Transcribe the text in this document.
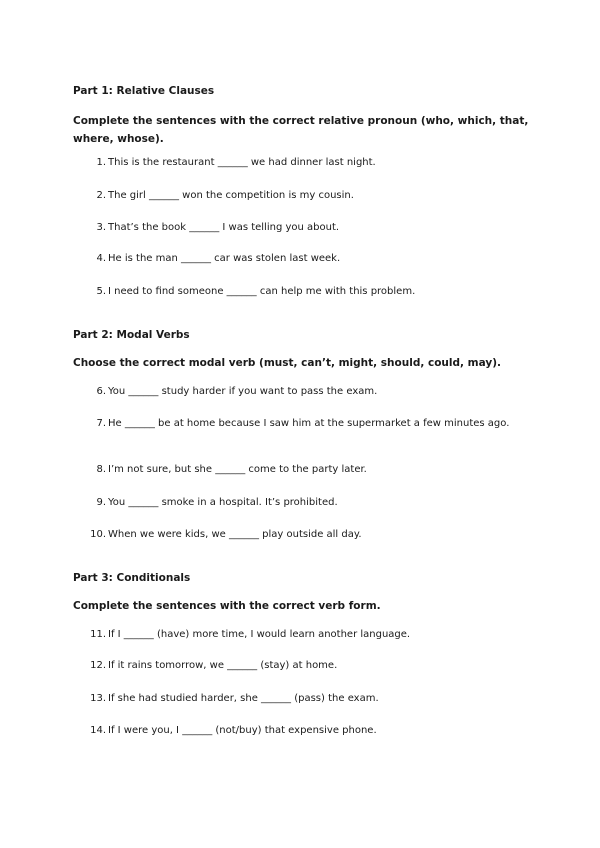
Part 1: Relative Clauses

Complete the sentences with the correct relative pronoun (who, which, that, where, whose).

1. This is the restaurant ______ we had dinner last night.
2. The girl ______ won the competition is my cousin.
3. That’s the book ______ I was telling you about.
4. He is the man ______ car was stolen last week.
5. I need to find someone ______ can help me with this problem.
Part 2: Modal Verbs

Choose the correct modal verb (must, can’t, might, should, could, may).

6. You ______ study harder if you want to pass the exam.
7. He ______ be at home because I saw him at the supermarket a few minutes ago.
8. I’m not sure, but she ______ come to the party later.
9. You ______ smoke in a hospital. It’s prohibited.
10. When we were kids, we ______ play outside all day.
Part 3: Conditionals

Complete the sentences with the correct verb form.

11. If I ______ (have) more time, I would learn another language.
12. If it rains tomorrow, we ______ (stay) at home.
13. If she had studied harder, she ______ (pass) the exam.
14. If I were you, I ______ (not/buy) that expensive phone.
